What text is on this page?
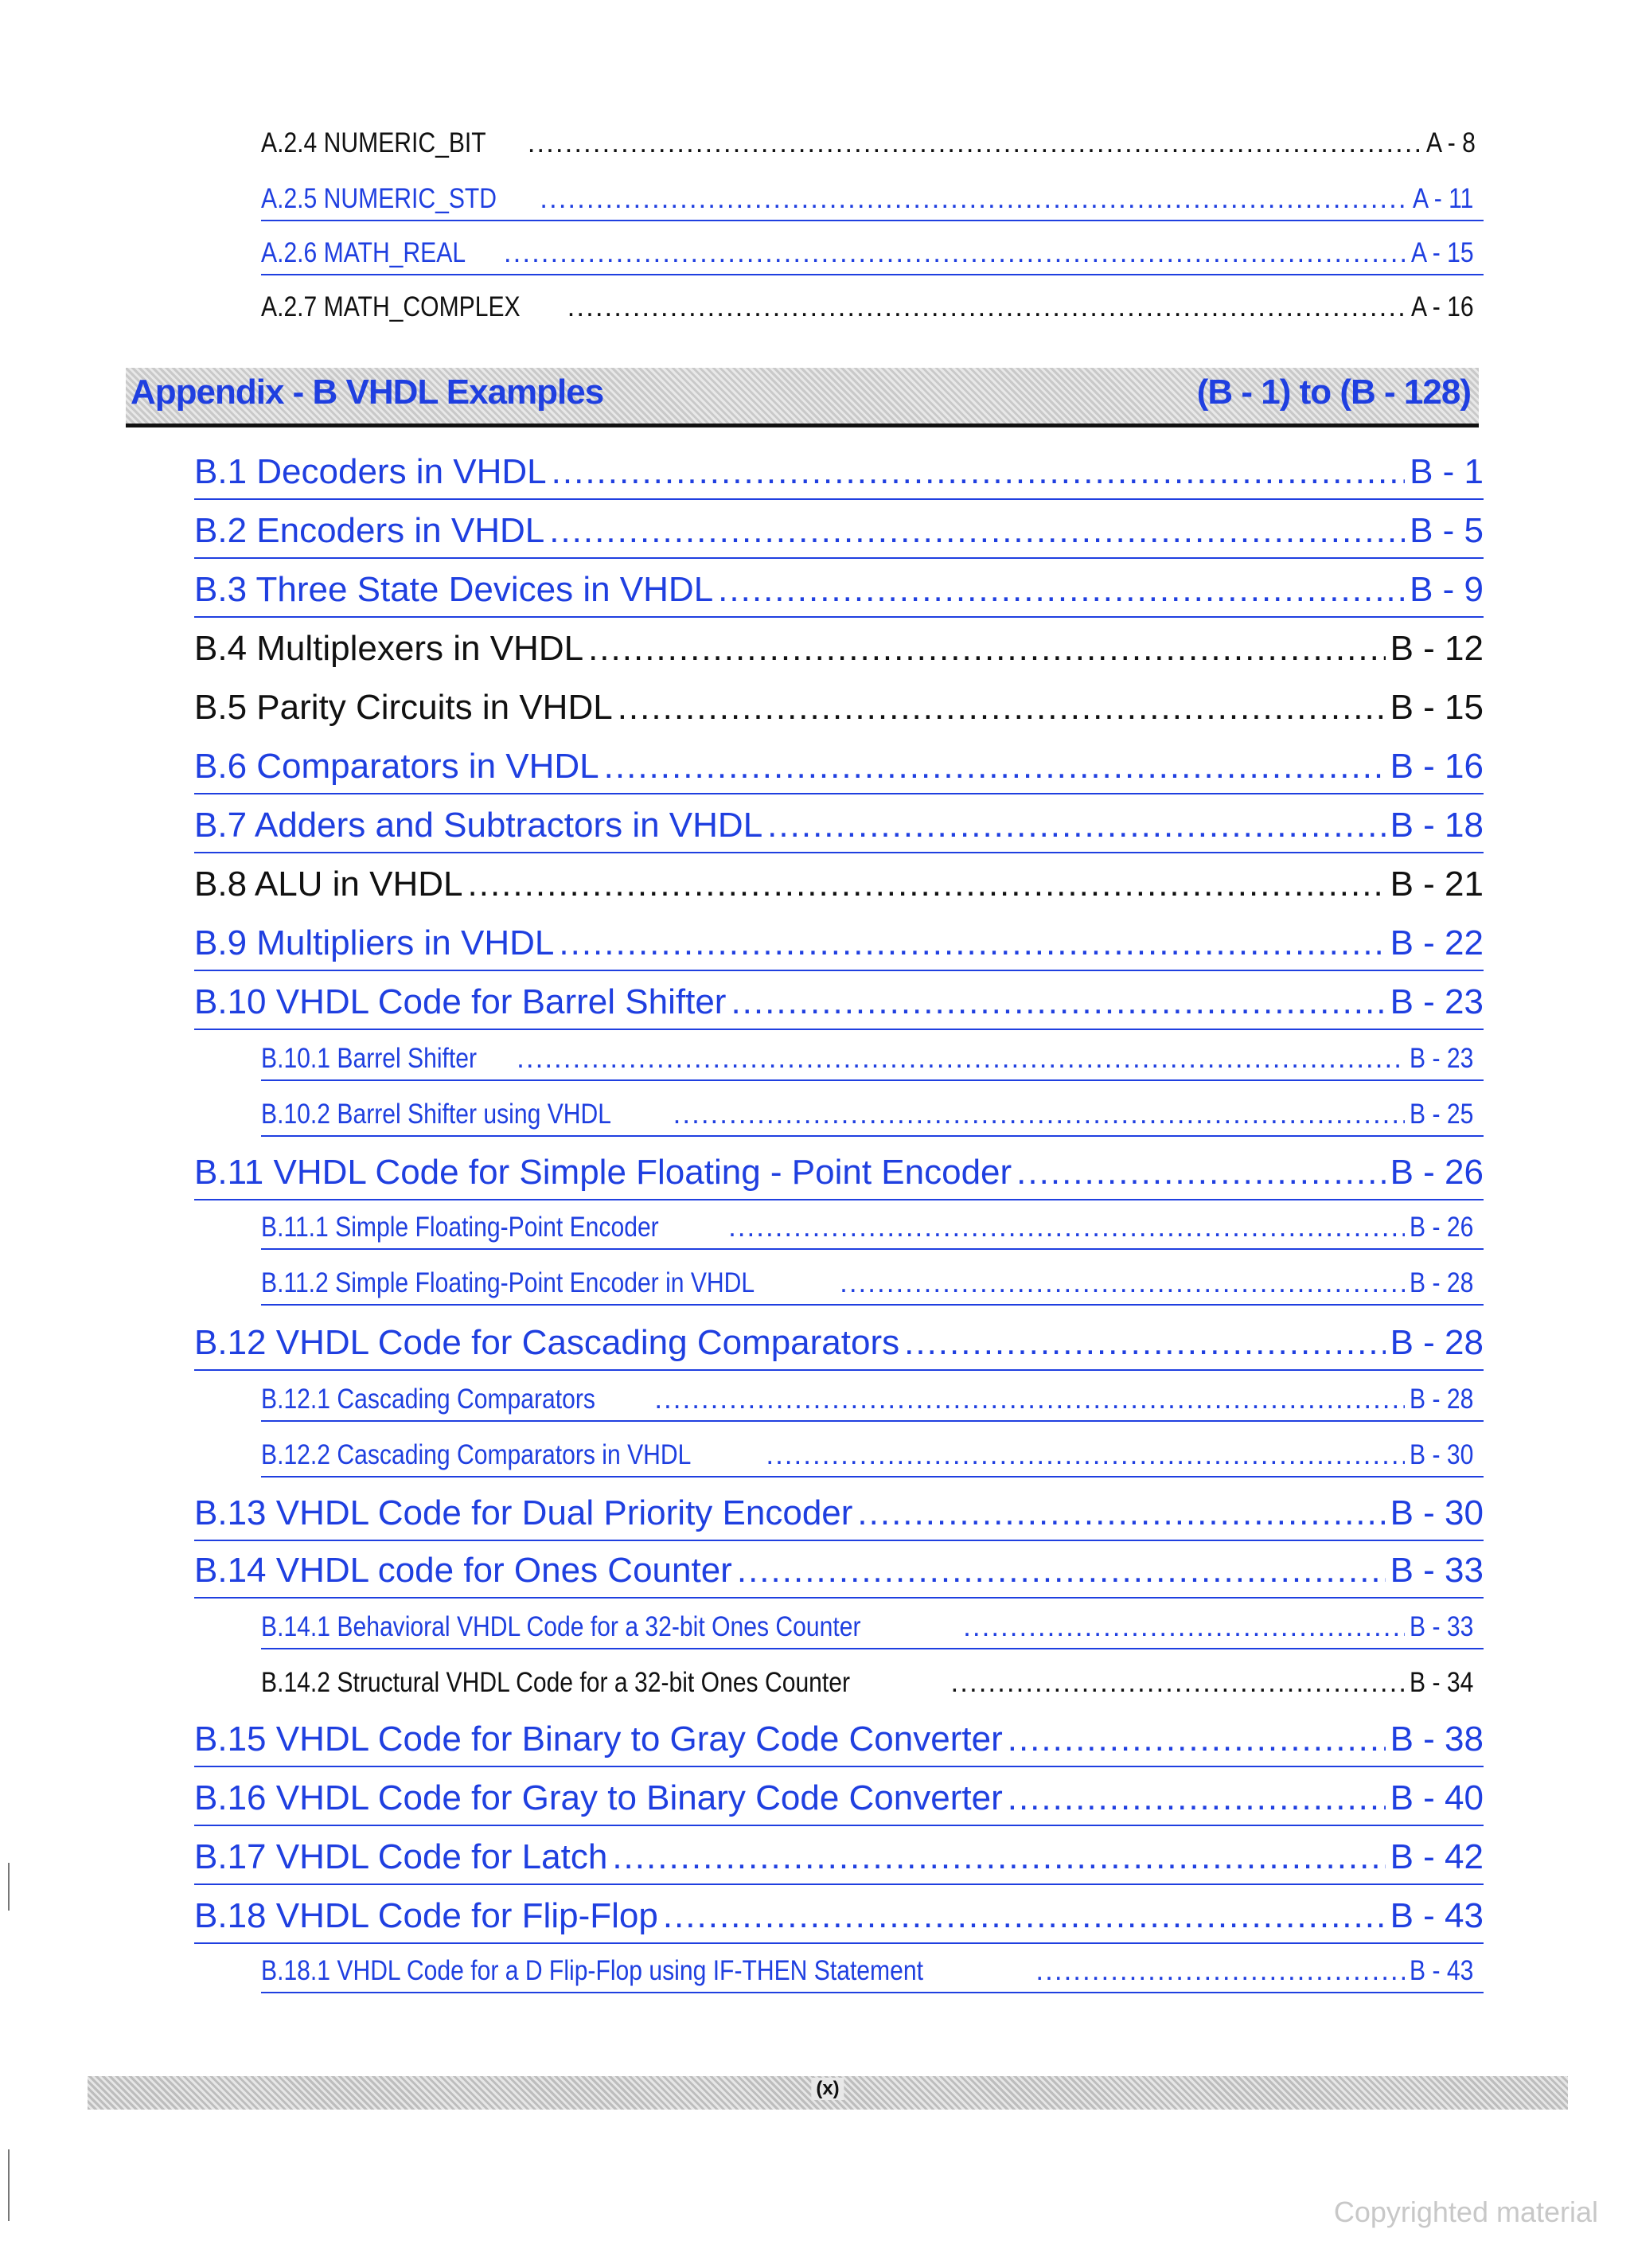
A.2.4 NUMERIC_BIT .....	A - 8
A.2.5 NUMERIC_STD .....	A - 11
A.2.6 MATH_REAL .....	A - 15
A.2.7 MATH_COMPLEX .....	A - 16
Appendix - B VHDL Examples	(B - 1) to (B - 128)
B.1 Decoders in VHDL .....	B - 1
B.2 Encoders in VHDL .....	B - 5
B.3 Three State Devices in VHDL .....	B - 9
B.4 Multiplexers in VHDL .....	B - 12
B.5 Parity Circuits in VHDL .....	B - 15
B.6 Comparators in VHDL .....	B - 16
B.7 Adders and Subtractors in VHDL .....	B - 18
B.8 ALU in VHDL .....	B - 21
B.9 Multipliers in VHDL .....	B - 22
B.10 VHDL Code for Barrel Shifter .....	B - 23
B.10.1 Barrel Shifter .....	B - 23
B.10.2 Barrel Shifter using VHDL .....	B - 25
B.11 VHDL Code for Simple Floating - Point Encoder .....	B - 26
B.11.1 Simple Floating-Point Encoder .....	B - 26
B.11.2 Simple Floating-Point Encoder in VHDL .....	B - 28
B.12 VHDL Code for Cascading Comparators .....	B - 28
B.12.1 Cascading Comparators .....	B - 28
B.12.2 Cascading Comparators in VHDL .....	B - 30
B.13 VHDL Code for Dual Priority Encoder .....	B - 30
B.14 VHDL code for Ones Counter .....	B - 33
B.14.1 Behavioral VHDL Code for a 32-bit Ones Counter .....	B - 33
B.14.2 Structural VHDL Code for a 32-bit Ones Counter .....	B - 34
B.15 VHDL Code for Binary to Gray Code Converter .....	B - 38
B.16 VHDL Code for Gray to Binary Code Converter .....	B - 40
B.17 VHDL Code for Latch .....	B - 42
B.18 VHDL Code for Flip-Flop .....	B - 43
B.18.1 VHDL Code for a D Flip-Flop using IF-THEN Statement .....	B - 43
(x)
Copyrighted material
